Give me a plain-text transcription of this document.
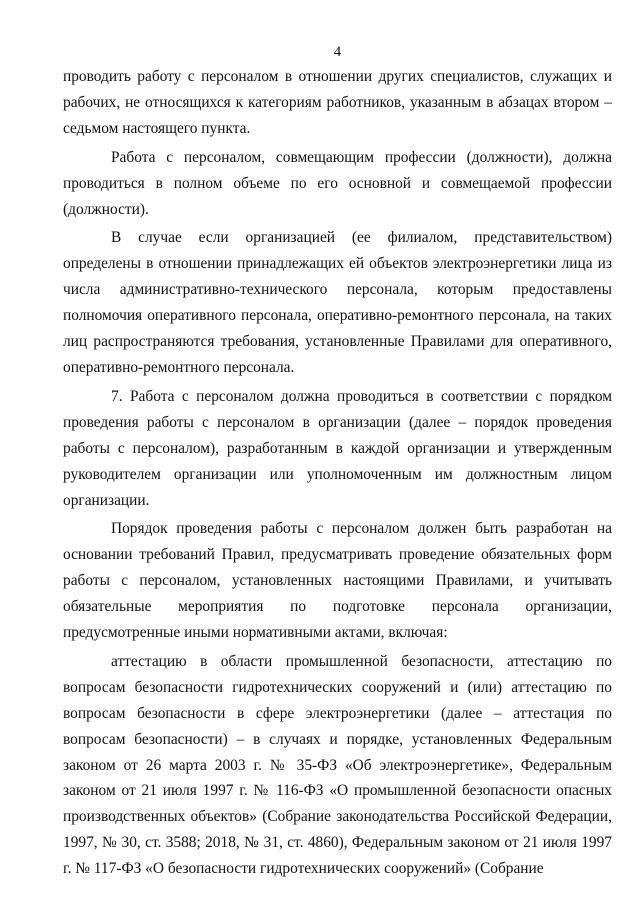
4

проводить работу с персоналом в отношении других специалистов, служащих и рабочих, не относящихся к категориям работников, указанным в абзацах втором – седьмом настоящего пункта.

Работа с персоналом, совмещающим профессии (должности), должна проводиться в полном объеме по его основной и совмещаемой профессии (должности).

В случае если организацией (ее филиалом, представительством) определены в отношении принадлежащих ей объектов электроэнергетики лица из числа административно-технического персонала, которым предоставлены полномочия оперативного персонала, оперативно-ремонтного персонала, на таких лиц распространяются требования, установленные Правилами для оперативного, оперативно-ремонтного персонала.

7. Работа с персоналом должна проводиться в соответствии с порядком проведения работы с персоналом в организации (далее – порядок проведения работы с персоналом), разработанным в каждой организации и утвержденным руководителем организации или уполномоченным им должностным лицом организации.

Порядок проведения работы с персоналом должен быть разработан на основании требований Правил, предусматривать проведение обязательных форм работы с персоналом, установленных настоящими Правилами, и учитывать обязательные мероприятия по подготовке персонала организации, предусмотренные иными нормативными актами, включая:

аттестацию в области промышленной безопасности, аттестацию по вопросам безопасности гидротехнических сооружений и (или) аттестацию по вопросам безопасности в сфере электроэнергетики (далее – аттестация по вопросам безопасности) – в случаях и порядке, установленных Федеральным законом от 26 марта 2003 г. № 35-ФЗ «Об электроэнергетике», Федеральным законом от 21 июля 1997 г. № 116-ФЗ «О промышленной безопасности опасных производственных объектов» (Собрание законодательства Российской Федерации, 1997, № 30, ст. 3588; 2018, № 31, ст. 4860), Федеральным законом от 21 июля 1997 г. № 117-ФЗ «О безопасности гидротехнических сооружений» (Собрание
